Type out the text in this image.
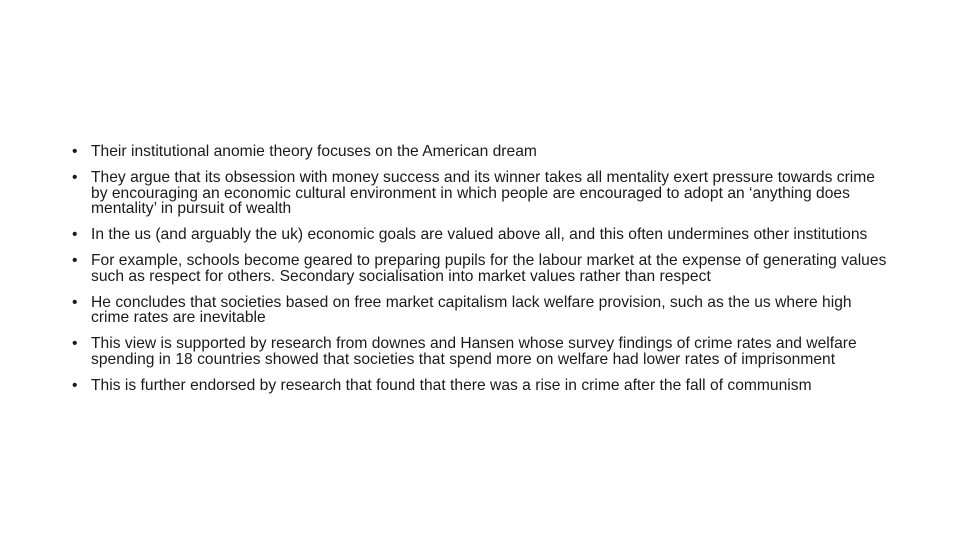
• Their institutional anomie theory focuses on the American dream
• They argue that its obsession with money success and its winner takes all mentality exert pressure towards crime by encouraging an economic cultural environment in which people are encouraged to adopt an ‘anything does mentality’ in pursuit of wealth
• In the us (and arguably the uk) economic goals are valued above all, and this often undermines other institutions
• For example, schools become geared to preparing pupils for the labour market at the expense of generating values such as respect for others. Secondary socialisation into market values rather than respect
• He concludes that societies based on free market capitalism lack welfare provision, such as the us where high crime rates are inevitable
• This view is supported by research from downes and Hansen whose survey findings of crime rates and welfare spending in 18 countries showed that societies that spend more on welfare had lower rates of imprisonment
• This is further endorsed by research that found that there was a rise in crime after the fall of communism
